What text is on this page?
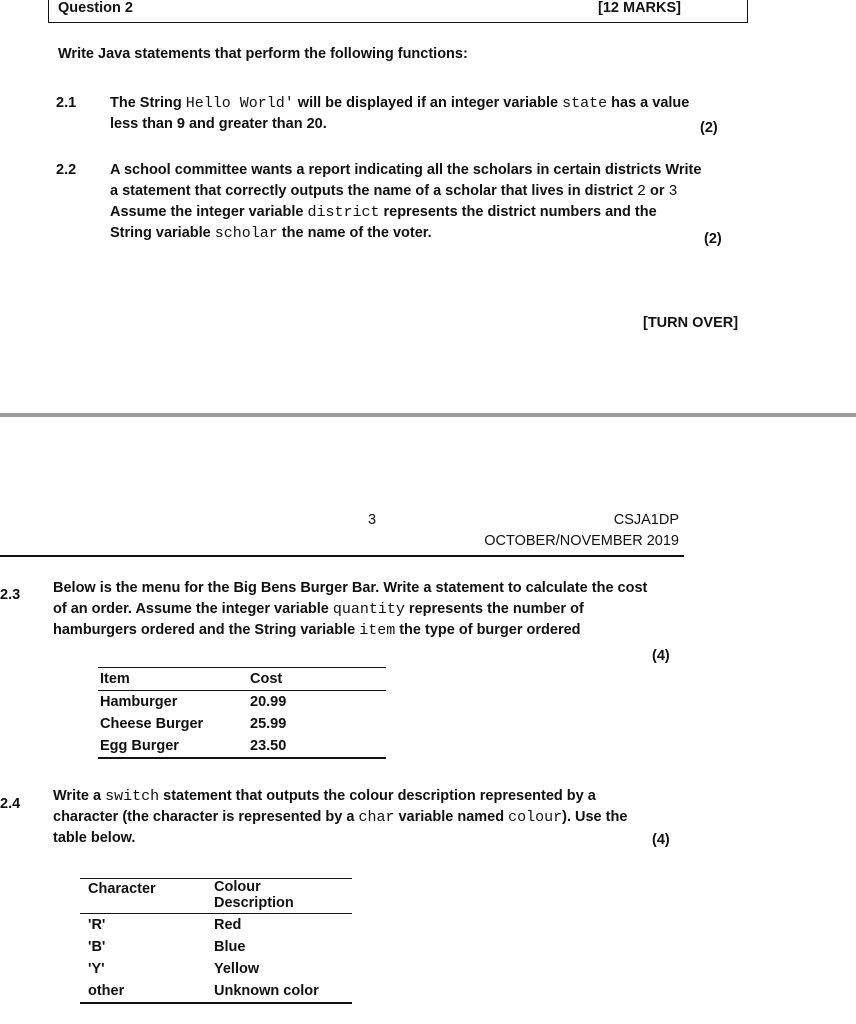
Question 2	[12 MARKS]
Write Java statements that perform the following functions:
2.1 The String Hello World' will be displayed if an integer variable state has a value
less than 9 and greater than 20.	(2)
2.2 A school committee wants a report indicating all the scholars in certain districts Write
a statement that correctly outputs the name of a scholar that lives in district 2 or 3
Assume the integer variable district represents the district numbers and the
String variable scholar the name of the voter.	(2)
[TURN OVER]
3	CSJA1DP
OCTOBER/NOVEMBER 2019
2.3 Below is the menu for the Big Bens Burger Bar. Write a statement to calculate the cost
of an order. Assume the integer variable quantity represents the number of
hamburgers ordered and the String variable item the type of burger ordered
(4)
Item	Cost
Hamburger	20.99
Cheese Burger	25.99
Egg Burger	23.50
2.4 Write a switch statement that outputs the colour description represented by a
character (the character is represented by a char variable named colour). Use the
table below.	(4)
Character	Colour
Description

'R'	Red
'B'	Blue
'Y'	Yellow
other	Unknown color
